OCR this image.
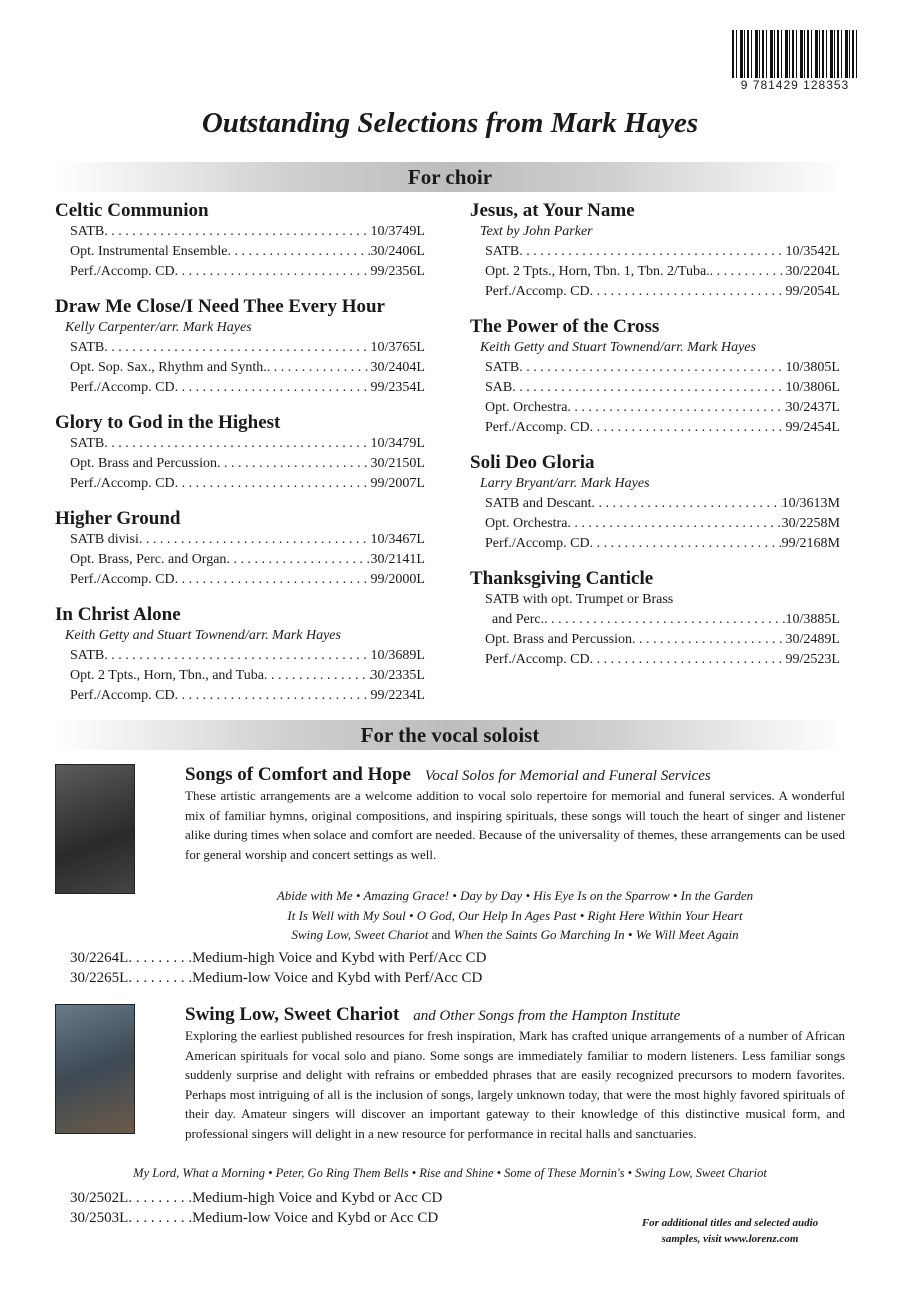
9 781429 128353
Outstanding Selections from Mark Hayes
For choir
Celtic Communion
SATB . . .	10/3749L
Opt. Instrumental Ensemble . . .	30/2406L
Perf./Accomp. CD . . .	99/2356L
Draw Me Close/I Need Thee Every Hour
Kelly Carpenter/arr. Mark Hayes
SATB . . .	10/3765L
Opt. Sop. Sax., Rhythm and Synth. . . .	30/2404L
Perf./Accomp. CD . . .	99/2354L
Glory to God in the Highest
SATB . . .	10/3479L
Opt. Brass and Percussion . . .	30/2150L
Perf./Accomp. CD . . .	99/2007L
Higher Ground
SATB divisi . . .	10/3467L
Opt. Brass, Perc. and Organ . . .	30/2141L
Perf./Accomp. CD . . .	99/2000L
In Christ Alone
Keith Getty and Stuart Townend/arr. Mark Hayes
SATB . . .	10/3689L
Opt. 2 Tpts., Horn, Tbn., and Tuba . . .	30/2335L
Perf./Accomp. CD . . .	99/2234L
Jesus, at Your Name
Text by John Parker
SATB . . .	10/3542L
Opt. 2 Tpts., Horn, Tbn. 1, Tbn. 2/Tuba. . . .	30/2204L
Perf./Accomp. CD . . .	99/2054L
The Power of the Cross
Keith Getty and Stuart Townend/arr. Mark Hayes
SATB . . .	10/3805L
SAB . . .	10/3806L
Opt. Orchestra . . .	30/2437L
Perf./Accomp. CD . . .	99/2454L
Soli Deo Gloria
Larry Bryant/arr. Mark Hayes
SATB and Descant . . .	10/3613M
Opt. Orchestra . . .	30/2258M
Perf./Accomp. CD . . .	99/2168M
Thanksgiving Canticle
SATB with opt. Trumpet or Brass
and Perc. . . .	10/3885L
Opt. Brass and Percussion . . .	30/2489L
Perf./Accomp. CD . . .	99/2523L
For the vocal soloist
Songs of Comfort and Hope Vocal Solos for Memorial and Funeral Services
These artistic arrangements are a welcome addition to vocal solo repertoire for memorial and funeral services. A wonderful mix of familiar hymns, original compositions, and inspiring spirituals, these songs will touch the heart of singer and listener alike during times when solace and comfort are needed. Because of the universality of themes, these arrangements can be used for general worship and concert settings as well.
Abide with Me • Amazing Grace! • Day by Day • His Eye Is on the Sparrow • In the Garden
It Is Well with My Soul • O God, Our Help In Ages Past • Right Here Within Your Heart
Swing Low, Sweet Chariot and When the Saints Go Marching In • We Will Meet Again
30/2264L . . . . . . . . . Medium-high Voice and Kybd with Perf/Acc CD
30/2265L . . . . . . . . . Medium-low Voice and Kybd with Perf/Acc CD
Swing Low, Sweet Chariot and Other Songs from the Hampton Institute
Exploring the earliest published resources for fresh inspiration, Mark has crafted unique arrangements of a number of African American spirituals for vocal solo and piano. Some songs are immediately familiar to modern listeners. Less familiar songs suddenly surprise and delight with refrains or embedded phrases that are easily recognized precursors to modern favorites. Perhaps most intriguing of all is the inclusion of songs, largely unknown today, that were the most highly favored spirituals of their day. Amateur singers will discover an important gateway to their knowledge of this distinctive musical form, and professional singers will delight in a new resource for performance in recital halls and sanctuaries.
My Lord, What a Morning • Peter, Go Ring Them Bells • Rise and Shine • Some of These Mornin's • Swing Low, Sweet Chariot
30/2502L . . . . . . . . . Medium-high Voice and Kybd or Acc CD
30/2503L . . . . . . . . . Medium-low Voice and Kybd or Acc CD	For additional titles and selected audio
samples, visit www.lorenz.com
